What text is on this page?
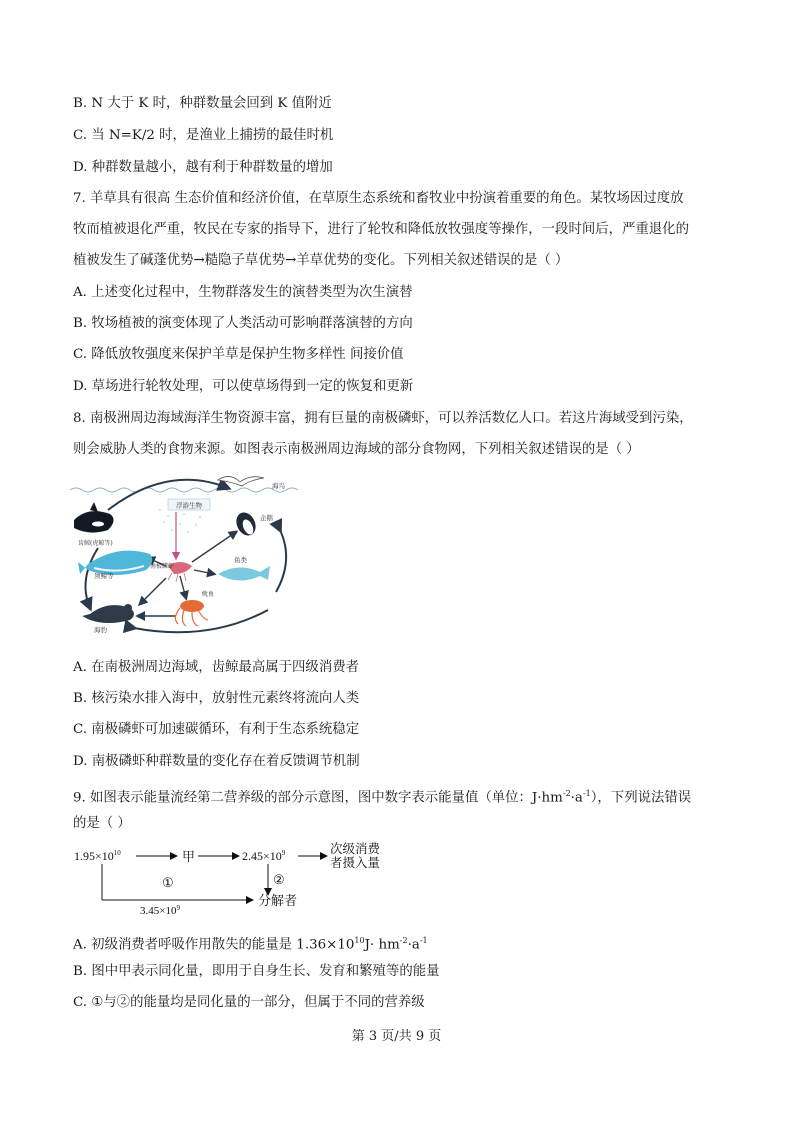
B. N 大于 K 时，种群数量会回到 K 值附近
C. 当 N=K/2 时，是渔业上捕捞的最佳时机
D. 种群数量越小，越有利于种群数量的增加
7. 羊草具有很高 生态价值和经济价值，在草原生态系统和畜牧业中扮演着重要的角色。某牧场因过度放
牧而植被退化严重，牧民在专家的指导下，进行了轮牧和降低放牧强度等操作，一段时间后，严重退化的
植被发生了碱蓬优势→糙隐子草优势→羊草优势的变化。下列相关叙述错误的是（ ）
A. 上述变化过程中，生物群落发生的演替类型为次生演替
B. 牧场植被的演变体现了人类活动可影响群落演替的方向
C. 降低放牧强度来保护羊草是保护生物多样性 间接价值
D. 草场进行轮牧处理，可以使草场得到一定的恢复和更新
8. 南极洲周边海域海洋生物资源丰富，拥有巨量的南极磷虾，可以养活数亿人口。若这片海域受到污染，
则会威胁人类的食物来源。如图表示南极洲周边海域的部分食物网，下列相关叙述错误的是（ ）
浮游生物
海鸟
企鹅
齿鲸(虎鲸等)
须鲸等
南极磷虾
鱼类
鱿鱼
海豹
A. 在南极洲周边海域，齿鲸最高属于四级消费者
B. 核污染水排入海中，放射性元素终将流向人类
C. 南极磷虾可加速碳循环，有利于生态系统稳定
D. 南极磷虾种群数量的变化存在着反馈调节机制
9. 如图表示能量流经第二营养级的部分示意图，图中数字表示能量值（单位：$J\cdot hm^{-2}\cdot a^{-1}$），下列说法错误
的是（ ）
$1.95\times 10^{10}$	甲	$2.45\times 10^9$	次级消费
者摄入量
②
①
$3.45\times 10^9$	分解者
A. 初级消费者呼吸作用散失的能量是 $1.36\times 10^{10}J\cdot hm^{-2}\cdot a^{-1}$
B. 图中甲表示同化量，即用于自身生长、发育和繁殖等的能量
C. ①与②的能量均是同化量的一部分，但属于不同的营养级
第 3 页/共 9 页
